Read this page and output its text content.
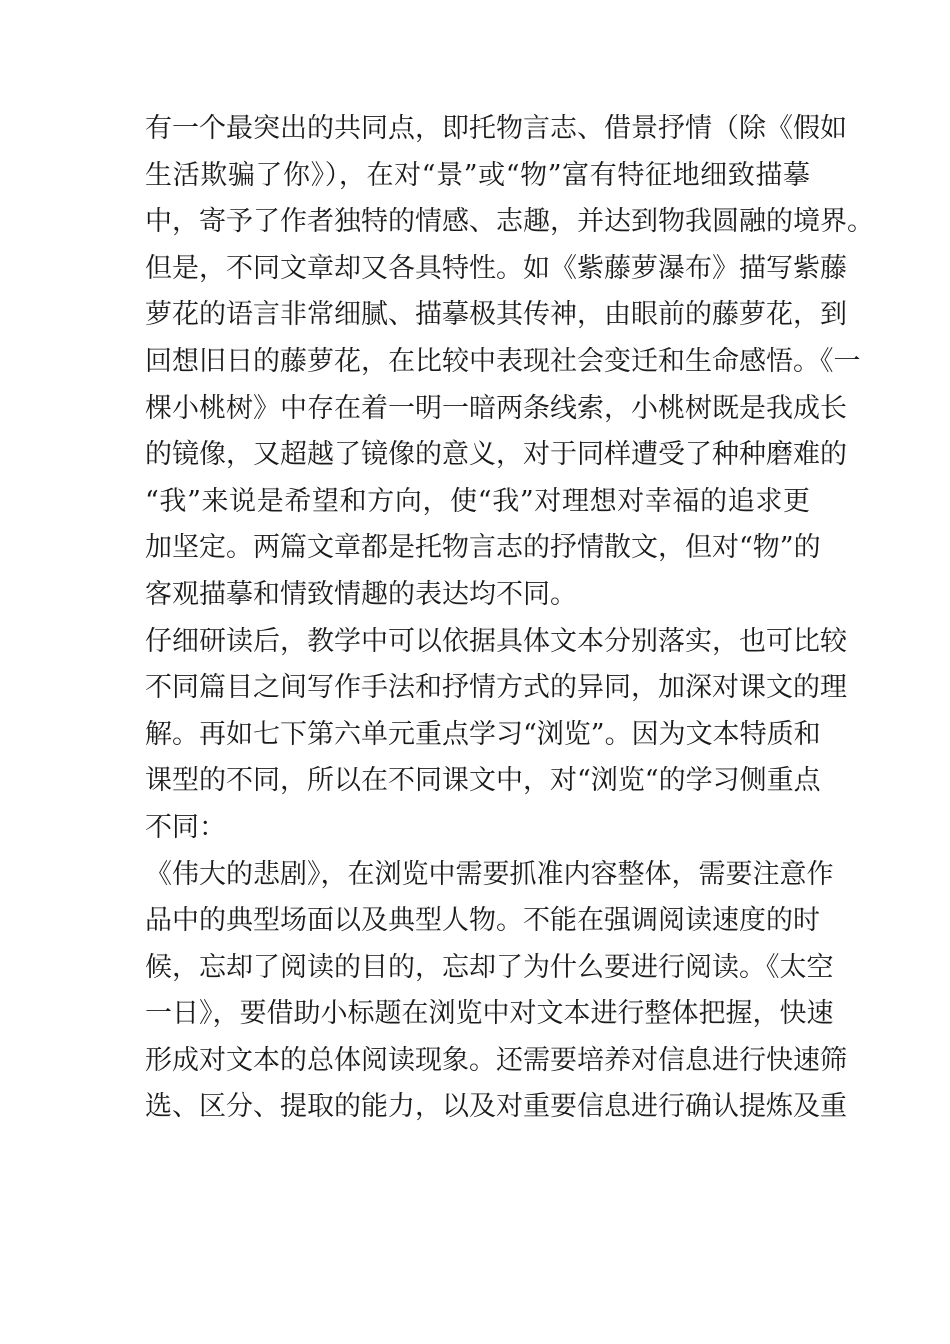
有一个最突出的共同点，即托物言志、借景抒情（除《假如
生活欺骗了你》），在对“景”或“物”富有特征地细致描摹
中，寄予了作者独特的情感、志趣，并达到物我圆融的境界。
但是，不同文章却又各具特性。如《紫藤萝瀑布》描写紫藤
萝花的语言非常细腻、描摹极其传神，由眼前的藤萝花，到
回想旧日的藤萝花，在比较中表现社会变迁和生命感悟。《一
棵小桃树》中存在着一明一暗两条线索，小桃树既是我成长
的镜像，又超越了镜像的意义，对于同样遭受了种种磨难的
“我”来说是希望和方向，使“我”对理想对幸福的追求更
加坚定。两篇文章都是托物言志的抒情散文，但对“物”的
客观描摹和情致情趣的表达均不同。
仔细研读后，教学中可以依据具体文本分别落实，也可比较
不同篇目之间写作手法和抒情方式的异同，加深对课文的理
解。再如七下第六单元重点学习“浏览”。因为文本特质和
课型的不同，所以在不同课文中，对“浏览“的学习侧重点
不同：
《伟大的悲剧》，在浏览中需要抓准内容整体，需要注意作
品中的典型场面以及典型人物。不能在强调阅读速度的时
候，忘却了阅读的目的，忘却了为什么要进行阅读。《太空
一日》，要借助小标题在浏览中对文本进行整体把握，快速
形成对文本的总体阅读现象。还需要培养对信息进行快速筛
选、区分、提取的能力，以及对重要信息进行确认提炼及重
